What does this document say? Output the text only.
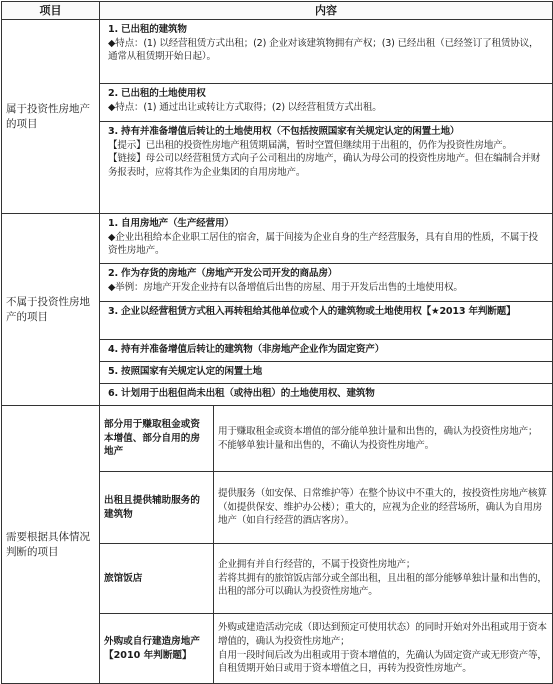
项目	内容	
属于投资性房地产的项目	1. 已出租的建筑物
◆特点：(1) 以经营租赁方式出租；(2) 企业对该建筑物拥有产权；(3) 已经出租（已经签订了租赁协议，通常从租赁期开始日起）。	

	2. 已出租的土地使用权
◆特点：(1) 通过出让或转让方式取得；(2) 以经营租赁方式出租。	

	3. 持有并准备增值后转让的土地使用权（不包括按照国家有关规定认定的闲置土地）
【提示】已出租的投资性房地产租赁期届满，暂时空置但继续用于出租的，仍作为投资性房地产。
【链接】母公司以经营租赁方式向子公司租出的房地产，确认为母公司的投资性房地产。但在编制合并财务报表时，应将其作为企业集团的自用房地产。	

不属于投资性房地产的项目	1. 自用房地产（生产经营用）
◆企业出租给本企业职工居住的宿舍，属于间接为企业自身的生产经营服务，具有自用的性质，不属于投资性房地产。	

	2. 作为存货的房地产（房地产开发公司开发的商品房）
◆举例：房地产开发企业持有以备增值后出售的房屋、用于开发后出售的土地使用权。	

	3. 企业以经营租赁方式租入再转租给其他单位或个人的建筑物或土地使用权【★2013 年判断题】	

	4. 持有并准备增值后转让的建筑物（非房地产企业作为固定资产）	

	5. 按照国家有关规定认定的闲置土地	

	6. 计划用于出租但尚未出租（或待出租）的土地使用权、建筑物	

需要根据具体情况判断的项目	部分用于赚取租金或资本增值、部分自用的房地产	用于赚取租金或资本增值的部分能单独计量和出售的，确认为投资性房地产；
不能够单独计量和出售的，不确认为投资性房地产。

	出租且提供辅助服务的建筑物	提供服务（如安保、日常维护等）在整个协议中不重大的，按投资性房地产核算（如提供保安、维护办公楼）；重大的，应视为企业的经营场所，确认为自用房地产（如自行经营的酒店客房）。

	旅馆饭店	企业拥有并自行经营的，不属于投资性房地产；
若将其拥有的旅馆饭店部分或全部出租，且出租的部分能够单独计量和出售的，出租的部分可以确认为投资性房地产。

	外购或自行建造房地产【2010 年判断题】	外购或建造活动完成（即达到预定可使用状态）的同时开始对外出租或用于资本增值的，确认为投资性房地产；
自用一段时间后改为出租或用于资本增值的，先确认为固定资产或无形资产等，自租赁期开始日或用于资本增值之日，再转为投资性房地产。
